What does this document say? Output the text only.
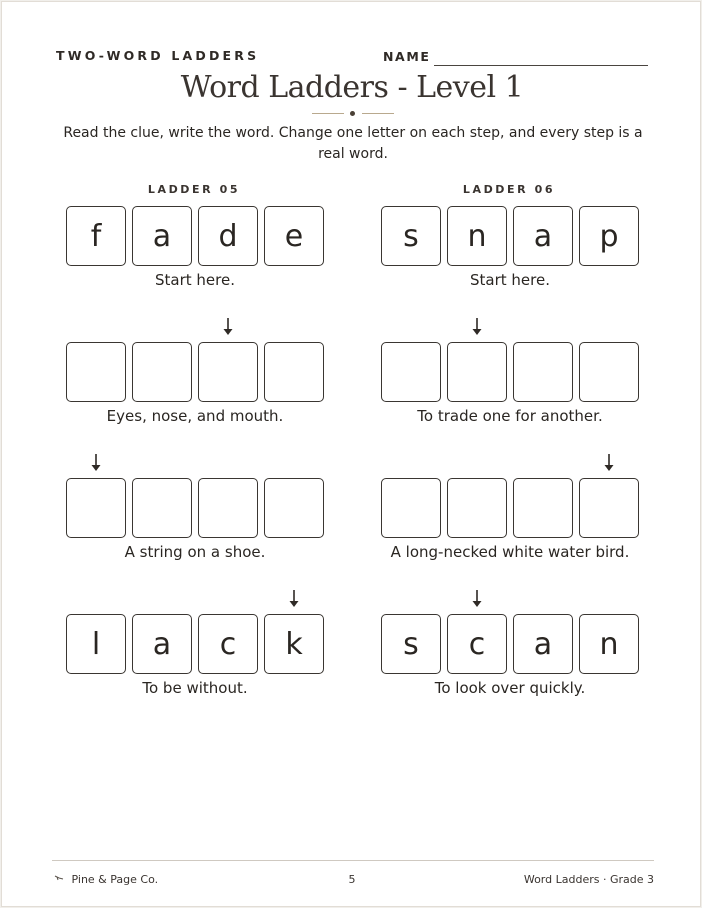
TWO-WORD LADDERS	NAME
Word Ladders - Level 1
Read the clue, write the word. Change one letter on each step, and every step is a real word.
Pine & Page Co.	5	Word Ladders · Grade 3
LADDER 05
f	a	d	e
Start here.
Eyes, nose, and mouth.
A string on a shoe.
l	a	c	k
To be without.
LADDER 06
s	n	a	p
Start here.
To trade one for another.
A long-necked white water bird.
s	c	a	n
To look over quickly.
